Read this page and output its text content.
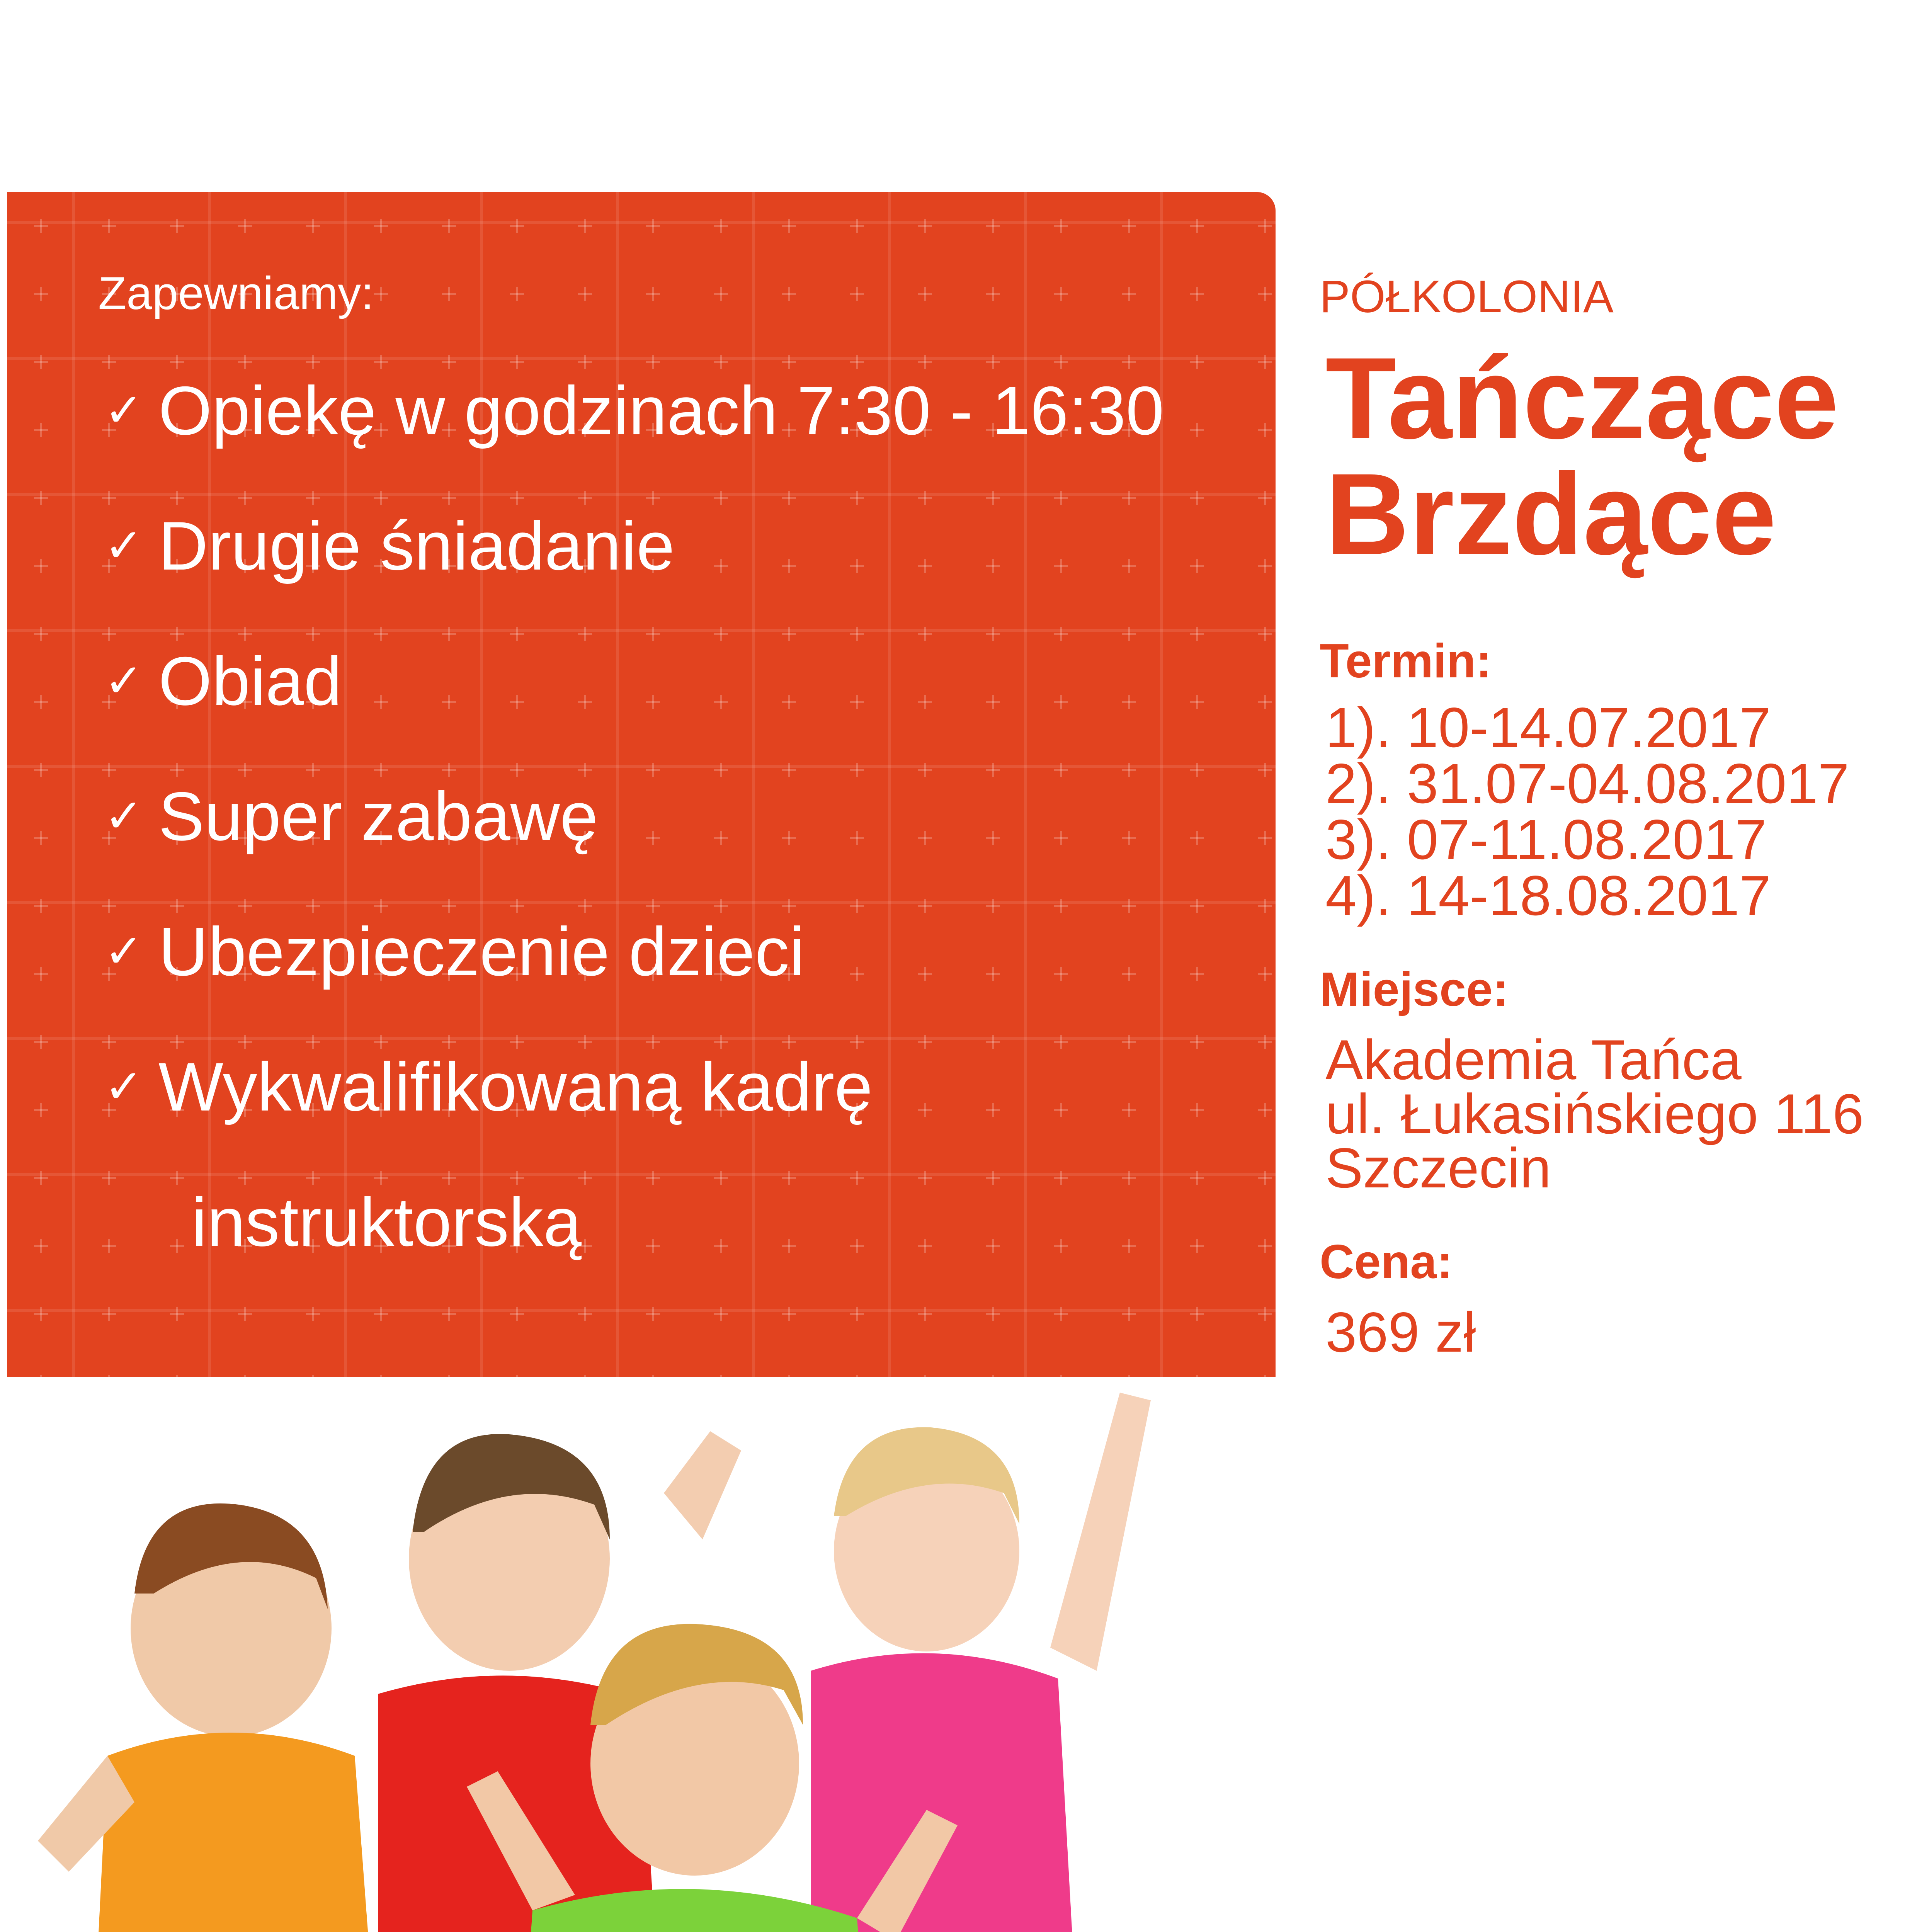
Zapewniamy:
✓ Opiekę w godzinach 7:30 - 16:30
✓ Drugie śniadanie
✓ Obiad
✓ Super zabawę
✓ Ubezpieczenie dzieci
✓ Wykwalifikowaną kadrę
instruktorską
PÓŁKOLONIA
Tańczące
Brzdące
Termin:
1). 10-14.07.2017
2). 31.07-04.08.2017
3). 07-11.08.2017
4). 14-18.08.2017
Miejsce:
Akademia Tańca
ul. Łukasińskiego 116
Szczecin
Cena:
369 zł
